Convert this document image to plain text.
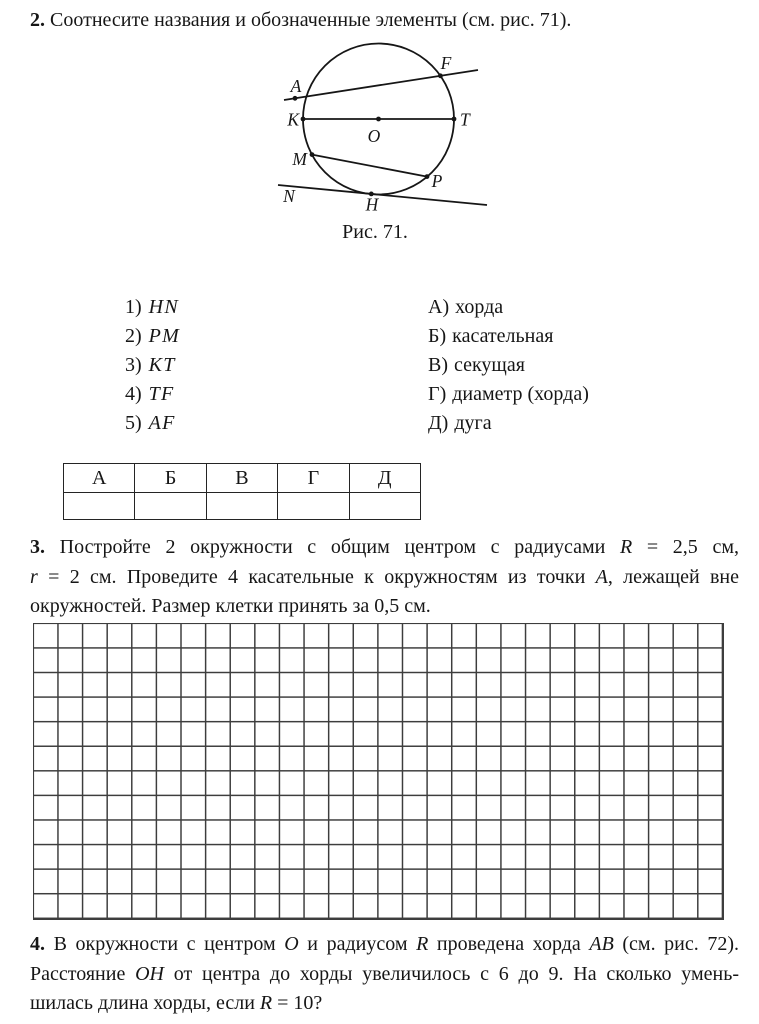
2. Соотнесите названия и обозначенные элементы (см. рис. 71).
A
F
K	T
O
M
P
N	H
Рис. 71.
1) HN	А) хорда
2) PM	Б) касательная
3) KT	В) секущая
4) TF	Г) диаметр (хорда)
5) AF	Д) дуга
А	Б	В	Г	Д

3. Постройте 2 окружности с общим центром с радиусами R = 2,5 см,
r = 2 см. Проведите 4 касательные к окружностям из точки A, лежащей вне
окружностей. Размер клетки принять за 0,5 см.
4. В окружности с центром O и радиусом R проведена хорда AB (см. рис. 72).
Расстояние OH от центра до хорды увеличилось с 6 до 9. На сколько умень-
шилась длина хорды, если R = 10?
